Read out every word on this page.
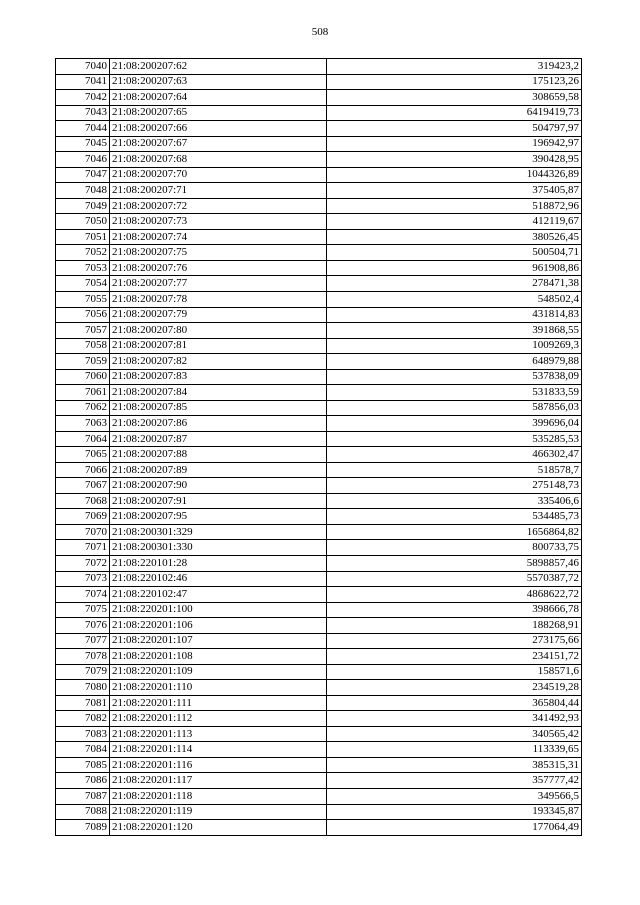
508
7040	21:08:200207:62	319423,2
7041	21:08:200207:63	175123,26
7042	21:08:200207:64	308659,58
7043	21:08:200207:65	6419419,73
7044	21:08:200207:66	504797,97
7045	21:08:200207:67	196942,97
7046	21:08:200207:68	390428,95
7047	21:08:200207:70	1044326,89
7048	21:08:200207:71	375405,87
7049	21:08:200207:72	518872,96
7050	21:08:200207:73	412119,67
7051	21:08:200207:74	380526,45
7052	21:08:200207:75	500504,71
7053	21:08:200207:76	961908,86
7054	21:08:200207:77	278471,38
7055	21:08:200207:78	548502,4
7056	21:08:200207:79	431814,83
7057	21:08:200207:80	391868,55
7058	21:08:200207:81	1009269,3
7059	21:08:200207:82	648979,88
7060	21:08:200207:83	537838,09
7061	21:08:200207:84	531833,59
7062	21:08:200207:85	587856,03
7063	21:08:200207:86	399696,04
7064	21:08:200207:87	535285,53
7065	21:08:200207:88	466302,47
7066	21:08:200207:89	518578,7
7067	21:08:200207:90	275148,73
7068	21:08:200207:91	335406,6
7069	21:08:200207:95	534485,73
7070	21:08:200301:329	1656864,82
7071	21:08:200301:330	800733,75
7072	21:08:220101:28	5898857,46
7073	21:08:220102:46	5570387,72
7074	21:08:220102:47	4868622,72
7075	21:08:220201:100	398666,78
7076	21:08:220201:106	188268,91
7077	21:08:220201:107	273175,66
7078	21:08:220201:108	234151,72
7079	21:08:220201:109	158571,6
7080	21:08:220201:110	234519,28
7081	21:08:220201:111	365804,44
7082	21:08:220201:112	341492,93
7083	21:08:220201:113	340565,42
7084	21:08:220201:114	113339,65
7085	21:08:220201:116	385315,31
7086	21:08:220201:117	357777,42
7087	21:08:220201:118	349566,5
7088	21:08:220201:119	193345,87
7089	21:08:220201:120	177064,49
